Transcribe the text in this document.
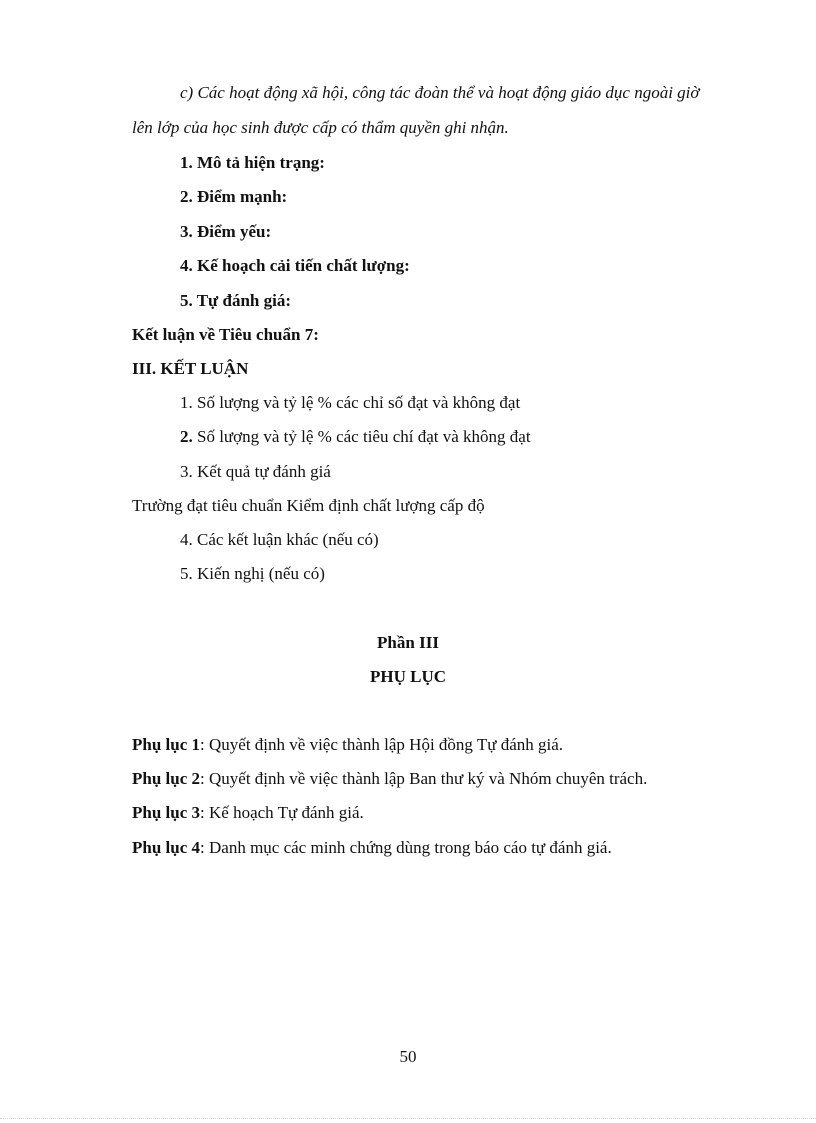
c) Các hoạt động xã hội, công tác đoàn thể và hoạt động giáo dục ngoài giờ
lên lớp của học sinh được cấp có thẩm quyền ghi nhận.
1. Mô tả hiện trạng:
2. Điểm mạnh:
3. Điểm yếu:
4. Kế hoạch cải tiến chất lượng:
5. Tự đánh giá:
Kết luận về Tiêu chuẩn 7:
III. KẾT LUẬN
1. Số lượng và tỷ lệ % các chỉ số đạt và không đạt
2. Số lượng và tỷ lệ % các tiêu chí đạt và không đạt
3. Kết quả tự đánh giá
Trường đạt tiêu chuẩn Kiểm định chất lượng cấp độ
4. Các kết luận khác (nếu có)
5. Kiến nghị (nếu có)
Phần III
PHỤ LỤC
Phụ lục 1: Quyết định về việc thành lập Hội đồng Tự đánh giá.
Phụ lục 2: Quyết định về việc thành lập Ban thư ký và Nhóm chuyên trách.
Phụ lục 3: Kế hoạch Tự đánh giá.
Phụ lục 4: Danh mục các minh chứng dùng trong báo cáo tự đánh giá.
50
